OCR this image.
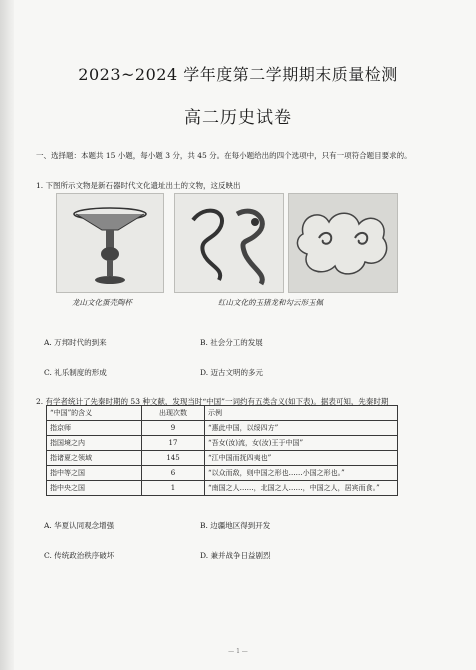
2023~2024 学年度第二学期期末质量检测
高二历史试卷
一、选择题：本题共 15 小题，每小题 3 分，共 45 分。在每小题给出的四个选项中，只有一项符合题目要求的。
1. 下图所示文物是新石器时代文化遗址出土的文物，这反映出
龙山文化蛋壳陶杯	红山文化的玉猪龙和勾云形玉佩
A. 万邦时代的到来	B. 社会分工的发展
C. 礼乐制度的形成	D. 迈古文明的多元
2. 有学者统计了先秦时期的 53 种文献，发现当时“中国”一词约有五类含义(如下表)。据表可知，先秦时期
“中国”的含义	出现次数	示例
指京师	9	“惠此中国，以绥四方”
指国境之内	17	“吾女(汝)流，女(汝)王于中国”
指诸夏之领域	145	“江中国而抚四夷也”
指中等之国	6	“以众而敌，则中国之形也……小国之形也。”
指中央之国	1	“南国之人……，北国之人……，中国之人，居宾而食。”
A. 华夏认同观念增强	B. 边疆地区得到开发
C. 传统政治秩序破坏	D. 兼并战争日益剧烈
— 1 —
